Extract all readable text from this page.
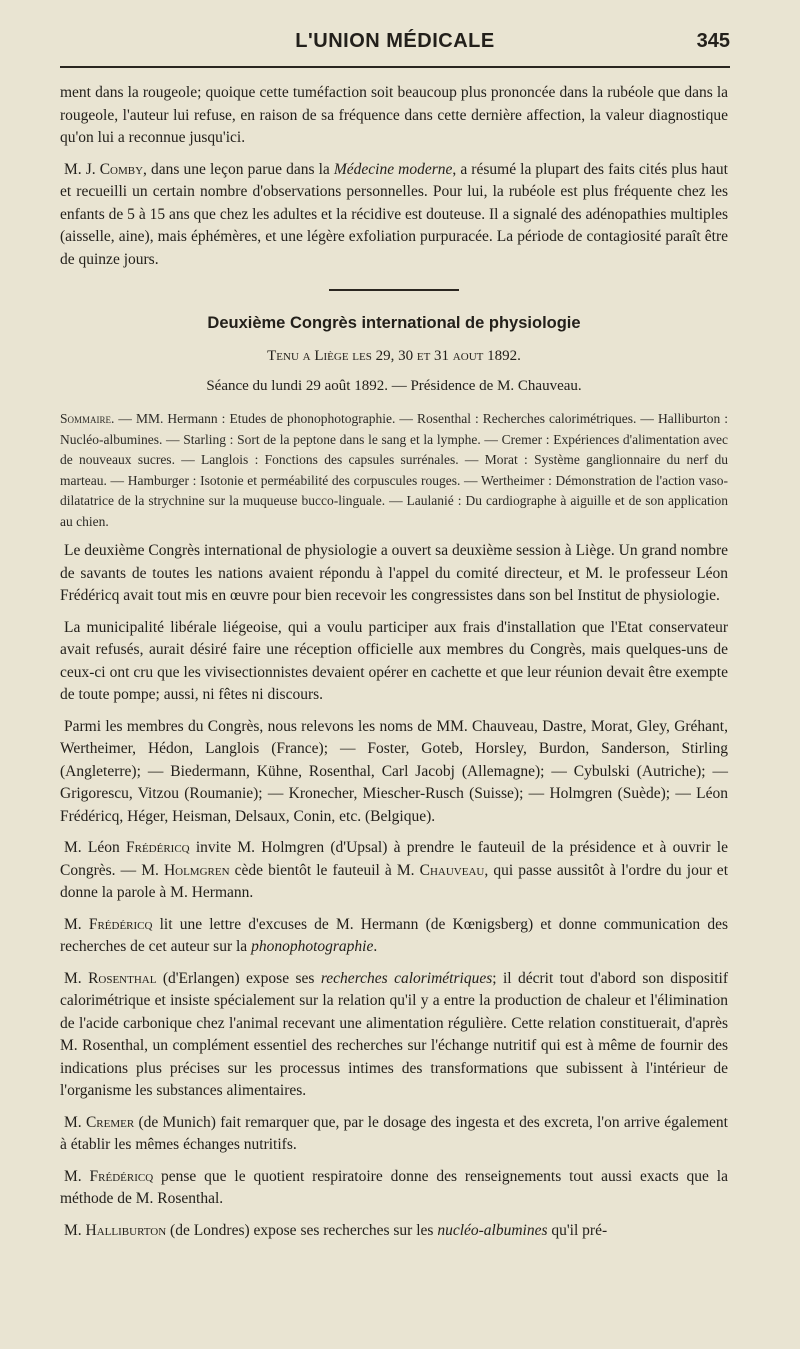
L'UNION MÉDICALE	345

ment dans la rougeole; quoique cette tuméfaction soit beaucoup plus prononcée dans la rubéole que dans la rougeole, l'auteur lui refuse, en raison de sa fréquence dans cette dernière affection, la valeur diagnostique qu'on lui a reconnue jusqu'ici.

M. J. Comby, dans une leçon parue dans la Médecine moderne, a résumé la plupart des faits cités plus haut et recueilli un certain nombre d'observations personnelles. Pour lui, la rubéole est plus fréquente chez les enfants de 5 à 15 ans que chez les adultes et la récidive est douteuse. Il a signalé des adénopathies multiples (aisselle, aine), mais éphémères, et une légère exfoliation purpuracée. La période de contagiosité paraît être de quinze jours.

Deuxième Congrès international de physiologie
Tenu a Liège les 29, 30 et 31 aout 1892.
Séance du lundi 29 août 1892. — Présidence de M. Chauveau.
Sommaire. — MM. Hermann : Etudes de phonophotographie. — Rosenthal : Recherches calorimétriques. — Halliburton : Nucléo-albumines. — Starling : Sort de la peptone dans le sang et la lymphe. — Cremer : Expériences d'alimentation avec de nouveaux sucres. — Langlois : Fonctions des capsules surrénales. — Morat : Système ganglionnaire du nerf du marteau. — Hamburger : Isotonie et perméabilité des corpuscules rouges. — Wertheimer : Démonstration de l'action vaso-dilatatrice de la strychnine sur la muqueuse bucco-linguale. — Laulanié : Du cardiographe à aiguille et de son application au chien.

Le deuxième Congrès international de physiologie a ouvert sa deuxième session à Liège. Un grand nombre de savants de toutes les nations avaient répondu à l'appel du comité directeur, et M. le professeur Léon Frédéricq avait tout mis en œuvre pour bien recevoir les congressistes dans son bel Institut de physiologie.

La municipalité libérale liégeoise, qui a voulu participer aux frais d'installation que l'Etat conservateur avait refusés, aurait désiré faire une réception officielle aux membres du Congrès, mais quelques-uns de ceux-ci ont cru que les vivisectionnistes devaient opérer en cachette et que leur réunion devait être exempte de toute pompe; aussi, ni fêtes ni discours.

Parmi les membres du Congrès, nous relevons les noms de MM. Chauveau, Dastre, Morat, Gley, Gréhant, Wertheimer, Hédon, Langlois (France); — Foster, Goteb, Horsley, Burdon, Sanderson, Stirling (Angleterre); — Biedermann, Kühne, Rosenthal, Carl Jacobj (Allemagne); — Cybulski (Autriche); — Grigorescu, Vitzou (Roumanie); — Kronecher, Miescher-Rusch (Suisse); — Holmgren (Suède); — Léon Frédéricq, Héger, Heisman, Delsaux, Conin, etc. (Belgique).

M. Léon Frédéricq invite M. Holmgren (d'Upsal) à prendre le fauteuil de la présidence et à ouvrir le Congrès. — M. Holmgren cède bientôt le fauteuil à M. Chauveau, qui passe aussitôt à l'ordre du jour et donne la parole à M. Hermann.

M. Frédéricq lit une lettre d'excuses de M. Hermann (de Kœnigsberg) et donne communication des recherches de cet auteur sur la phonophotographie.

M. Rosenthal (d'Erlangen) expose ses recherches calorimétriques; il décrit tout d'abord son dispositif calorimétrique et insiste spécialement sur la relation qu'il y a entre la production de chaleur et l'élimination de l'acide carbonique chez l'animal recevant une alimentation régulière. Cette relation constituerait, d'après M. Rosenthal, un complément essentiel des recherches sur l'échange nutritif qui est à même de fournir des indications plus précises sur les processus intimes des transformations que subissent à l'intérieur de l'organisme les substances alimentaires.

M. Cremer (de Munich) fait remarquer que, par le dosage des ingesta et des excreta, l'on arrive également à établir les mêmes échanges nutritifs.

M. Frédéricq pense que le quotient respiratoire donne des renseignements tout aussi exacts que la méthode de M. Rosenthal.

M. Halliburton (de Londres) expose ses recherches sur les nucléo-albumines qu'il pré-
